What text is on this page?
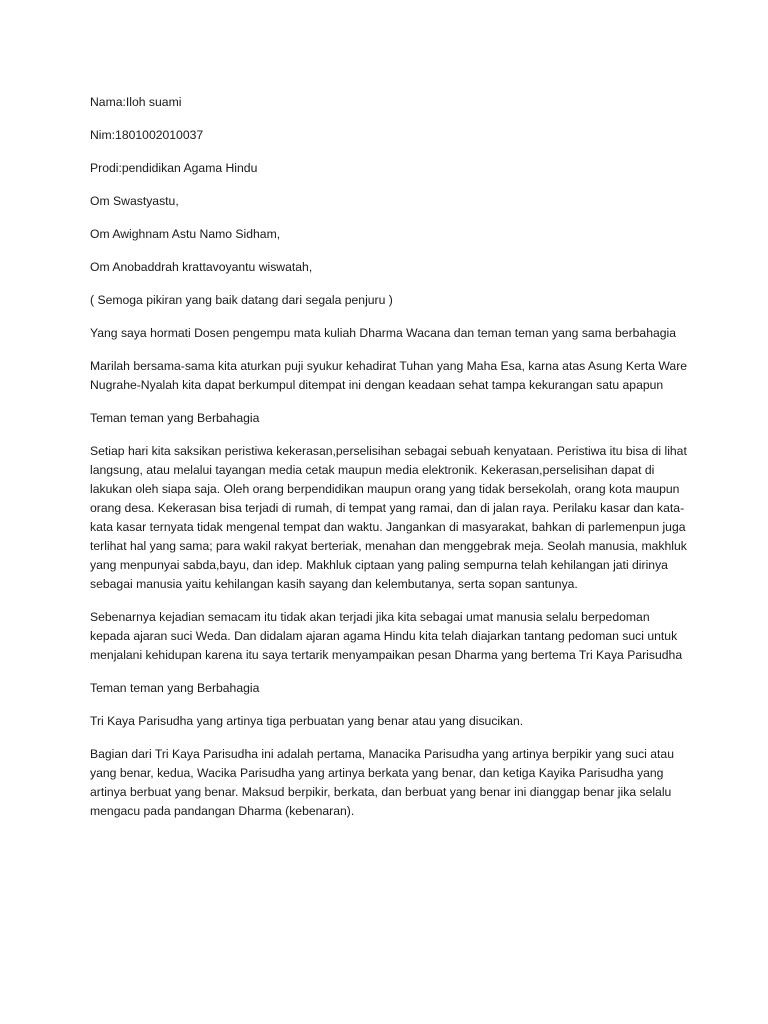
Nama:Iloh suami

Nim:1801002010037

Prodi:pendidikan Agama Hindu

Om Swastyastu,

Om Awighnam Astu Namo Sidham,

Om Anobaddrah krattavoyantu wiswatah,

( Semoga pikiran yang baik datang dari segala penjuru )

Yang saya hormati Dosen pengempu mata kuliah Dharma Wacana dan teman teman yang sama berbahagia

Marilah bersama-sama kita aturkan puji syukur kehadirat Tuhan yang Maha Esa, karna atas Asung Kerta Ware Nugrahe-Nyalah kita dapat berkumpul ditempat ini dengan keadaan sehat tampa kekurangan satu apapun

Teman teman yang Berbahagia

Setiap hari kita saksikan peristiwa kekerasan,perselisihan sebagai sebuah kenyataan. Peristiwa itu bisa di lihat langsung, atau melalui tayangan media cetak maupun media elektronik. Kekerasan,perselisihan dapat di lakukan oleh siapa saja. Oleh orang berpendidikan maupun orang yang tidak bersekolah, orang kota maupun orang desa. Kekerasan bisa terjadi di rumah, di tempat yang ramai, dan di jalan raya. Perilaku kasar dan kata-kata kasar ternyata tidak mengenal tempat dan waktu. Jangankan di masyarakat, bahkan di parlemenpun juga terlihat hal yang sama; para wakil rakyat berteriak, menahan dan menggebrak meja. Seolah manusia, makhluk yang menpunyai sabda,bayu, dan idep. Makhluk ciptaan yang paling sempurna telah kehilangan jati dirinya sebagai manusia yaitu kehilangan kasih sayang dan kelembutanya, serta sopan santunya.

Sebenarnya kejadian semacam itu tidak akan terjadi jika kita sebagai umat manusia selalu berpedoman kepada ajaran suci Weda. Dan didalam ajaran agama Hindu kita telah diajarkan tantang pedoman suci untuk menjalani kehidupan karena itu saya tertarik menyampaikan pesan Dharma yang bertema Tri Kaya Parisudha

Teman teman yang Berbahagia

Tri Kaya Parisudha yang artinya tiga perbuatan yang benar atau yang disucikan.

Bagian dari Tri Kaya Parisudha ini adalah pertama, Manacika Parisudha yang artinya berpikir yang suci atau yang benar, kedua, Wacika Parisudha yang artinya berkata yang benar, dan ketiga Kayika Parisudha yang artinya berbuat yang benar. Maksud berpikir, berkata, dan berbuat yang benar ini dianggap benar jika selalu mengacu pada pandangan Dharma (kebenaran).
